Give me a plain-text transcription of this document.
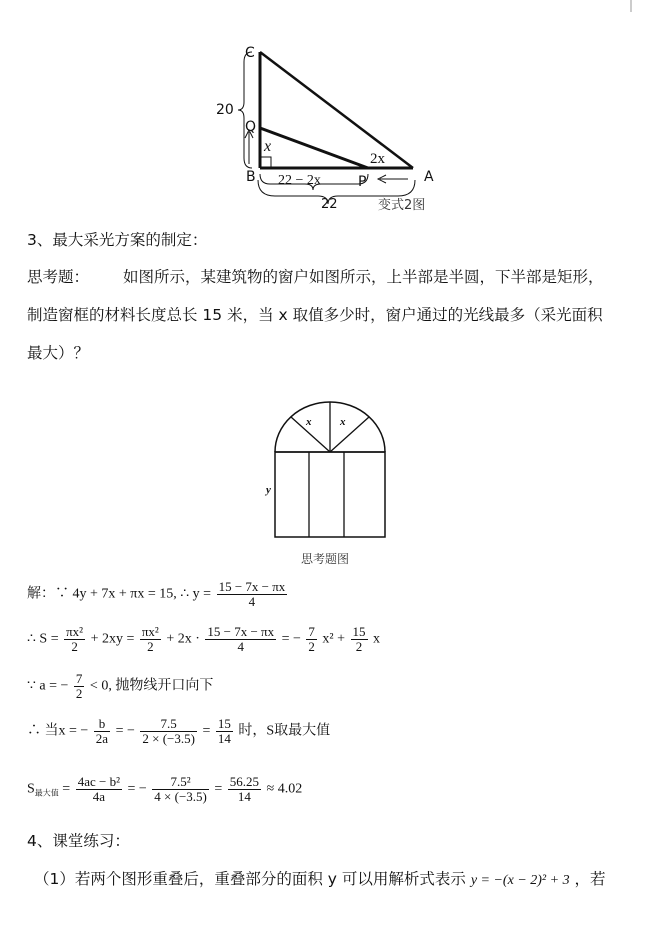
C
Q
B	P	A
20
x
2x
22 − 2x
22	变式2图
3、最大采光方案的制定：
思考题： 如图所示，某建筑物的窗户如图所示，上半部是半圆，下半部是矩形，
制造窗框的材料长度总长 15 米，当 x 取值多少时，窗户通过的光线最多（采光面积
最大）？
x	x
y
思考题图
解：∵ 4y + 7x + πx = 15, ∴ $y = \frac{15 - 7x - \pi x}{4}$
∴ $S = \frac{\text{πx²}}{2} + 2xy = \frac{\text{πx²}}{2} + 2x \cdot \frac{15 - 7x - \pi x}{4}$ = − $\frac{7}{2} x^2 + \frac{15}{2}$ x
∵ a = − $\frac{7}{2} < 0$, 抛物线开口向下
∴ 当x = − $\frac{b}{2a}$ = − $\frac{7.5}{2 \times (-3.5)} = \frac{15}{14}$ 时，S取最大值
$S_{最大值} = \frac{\text{4ac − b²}}{4a}$ = − $\frac{\text{7.5²}}{4 \times (-3.5)} = \frac{56.25}{14} \approx 4.02$
4、课堂练习：
（1）若两个图形重叠后，重叠部分的面积 y 可以用解析式表示 y = −(x − 2)² + 3 ，若
